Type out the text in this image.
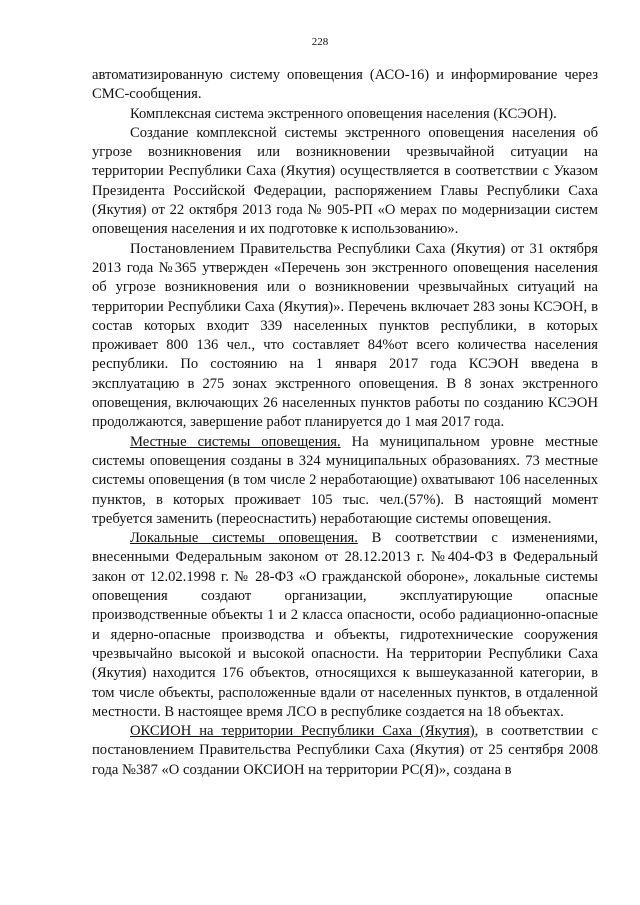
228

автоматизированную систему оповещения (АСО-16) и информирование через СМС-сообщения.

Комплексная система экстренного оповещения населения (КСЭОН).

Создание комплексной системы экстренного оповещения населения об угрозе возникновения или возникновении чрезвычайной ситуации на территории Республики Саха (Якутия) осуществляется в соответствии с Указом Президента Российской Федерации, распоряжением Главы Республики Саха (Якутия) от 22 октября 2013 года № 905-РП «О мерах по модернизации систем оповещения населения и их подготовке к использованию».

Постановлением Правительства Республики Саха (Якутия) от 31 октября 2013 года №365 утвержден «Перечень зон экстренного оповещения населения об угрозе возникновения или о возникновении чрезвычайных ситуаций на территории Республики Саха (Якутия)». Перечень включает 283 зоны КСЭОН, в состав которых входит 339 населенных пунктов республики, в которых проживает 800 136 чел., что составляет 84%от всего количества населения республики. По состоянию на 1 января 2017 года КСЭОН введена в эксплуатацию в 275 зонах экстренного оповещения. В 8 зонах экстренного оповещения, включающих 26 населенных пунктов работы по созданию КСЭОН продолжаются, завершение работ планируется до 1 мая 2017 года.

Местные системы оповещения. На муниципальном уровне местные системы оповещения созданы в 324 муниципальных образованиях. 73 местные системы оповещения (в том числе 2 неработающие) охватывают 106 населенных пунктов, в которых проживает 105 тыс. чел.(57%). В настоящий момент требуется заменить (переоснастить) неработающие системы оповещения.

Локальные системы оповещения. В соответствии с изменениями, внесенными Федеральным законом от 28.12.2013 г. №404-ФЗ в Федеральный закон от 12.02.1998 г. № 28-ФЗ «О гражданской обороне», локальные системы оповещения создают организации, эксплуатирующие опасные производственные объекты 1 и 2 класса опасности, особо радиационно-опасные и ядерно-опасные производства и объекты, гидротехнические сооружения чрезвычайно высокой и высокой опасности. На территории Республики Саха (Якутия) находится 176 объектов, относящихся к вышеуказанной категории, в том числе объекты, расположенные вдали от населенных пунктов, в отдаленной местности. В настоящее время ЛСО в республике создается на 18 объектах.

ОКСИОН на территории Республики Саха (Якутия), в соответствии с постановлением Правительства Республики Саха (Якутия) от 25 сентября 2008 года №387 «О создании ОКСИОН на территории РС(Я)», создана в
